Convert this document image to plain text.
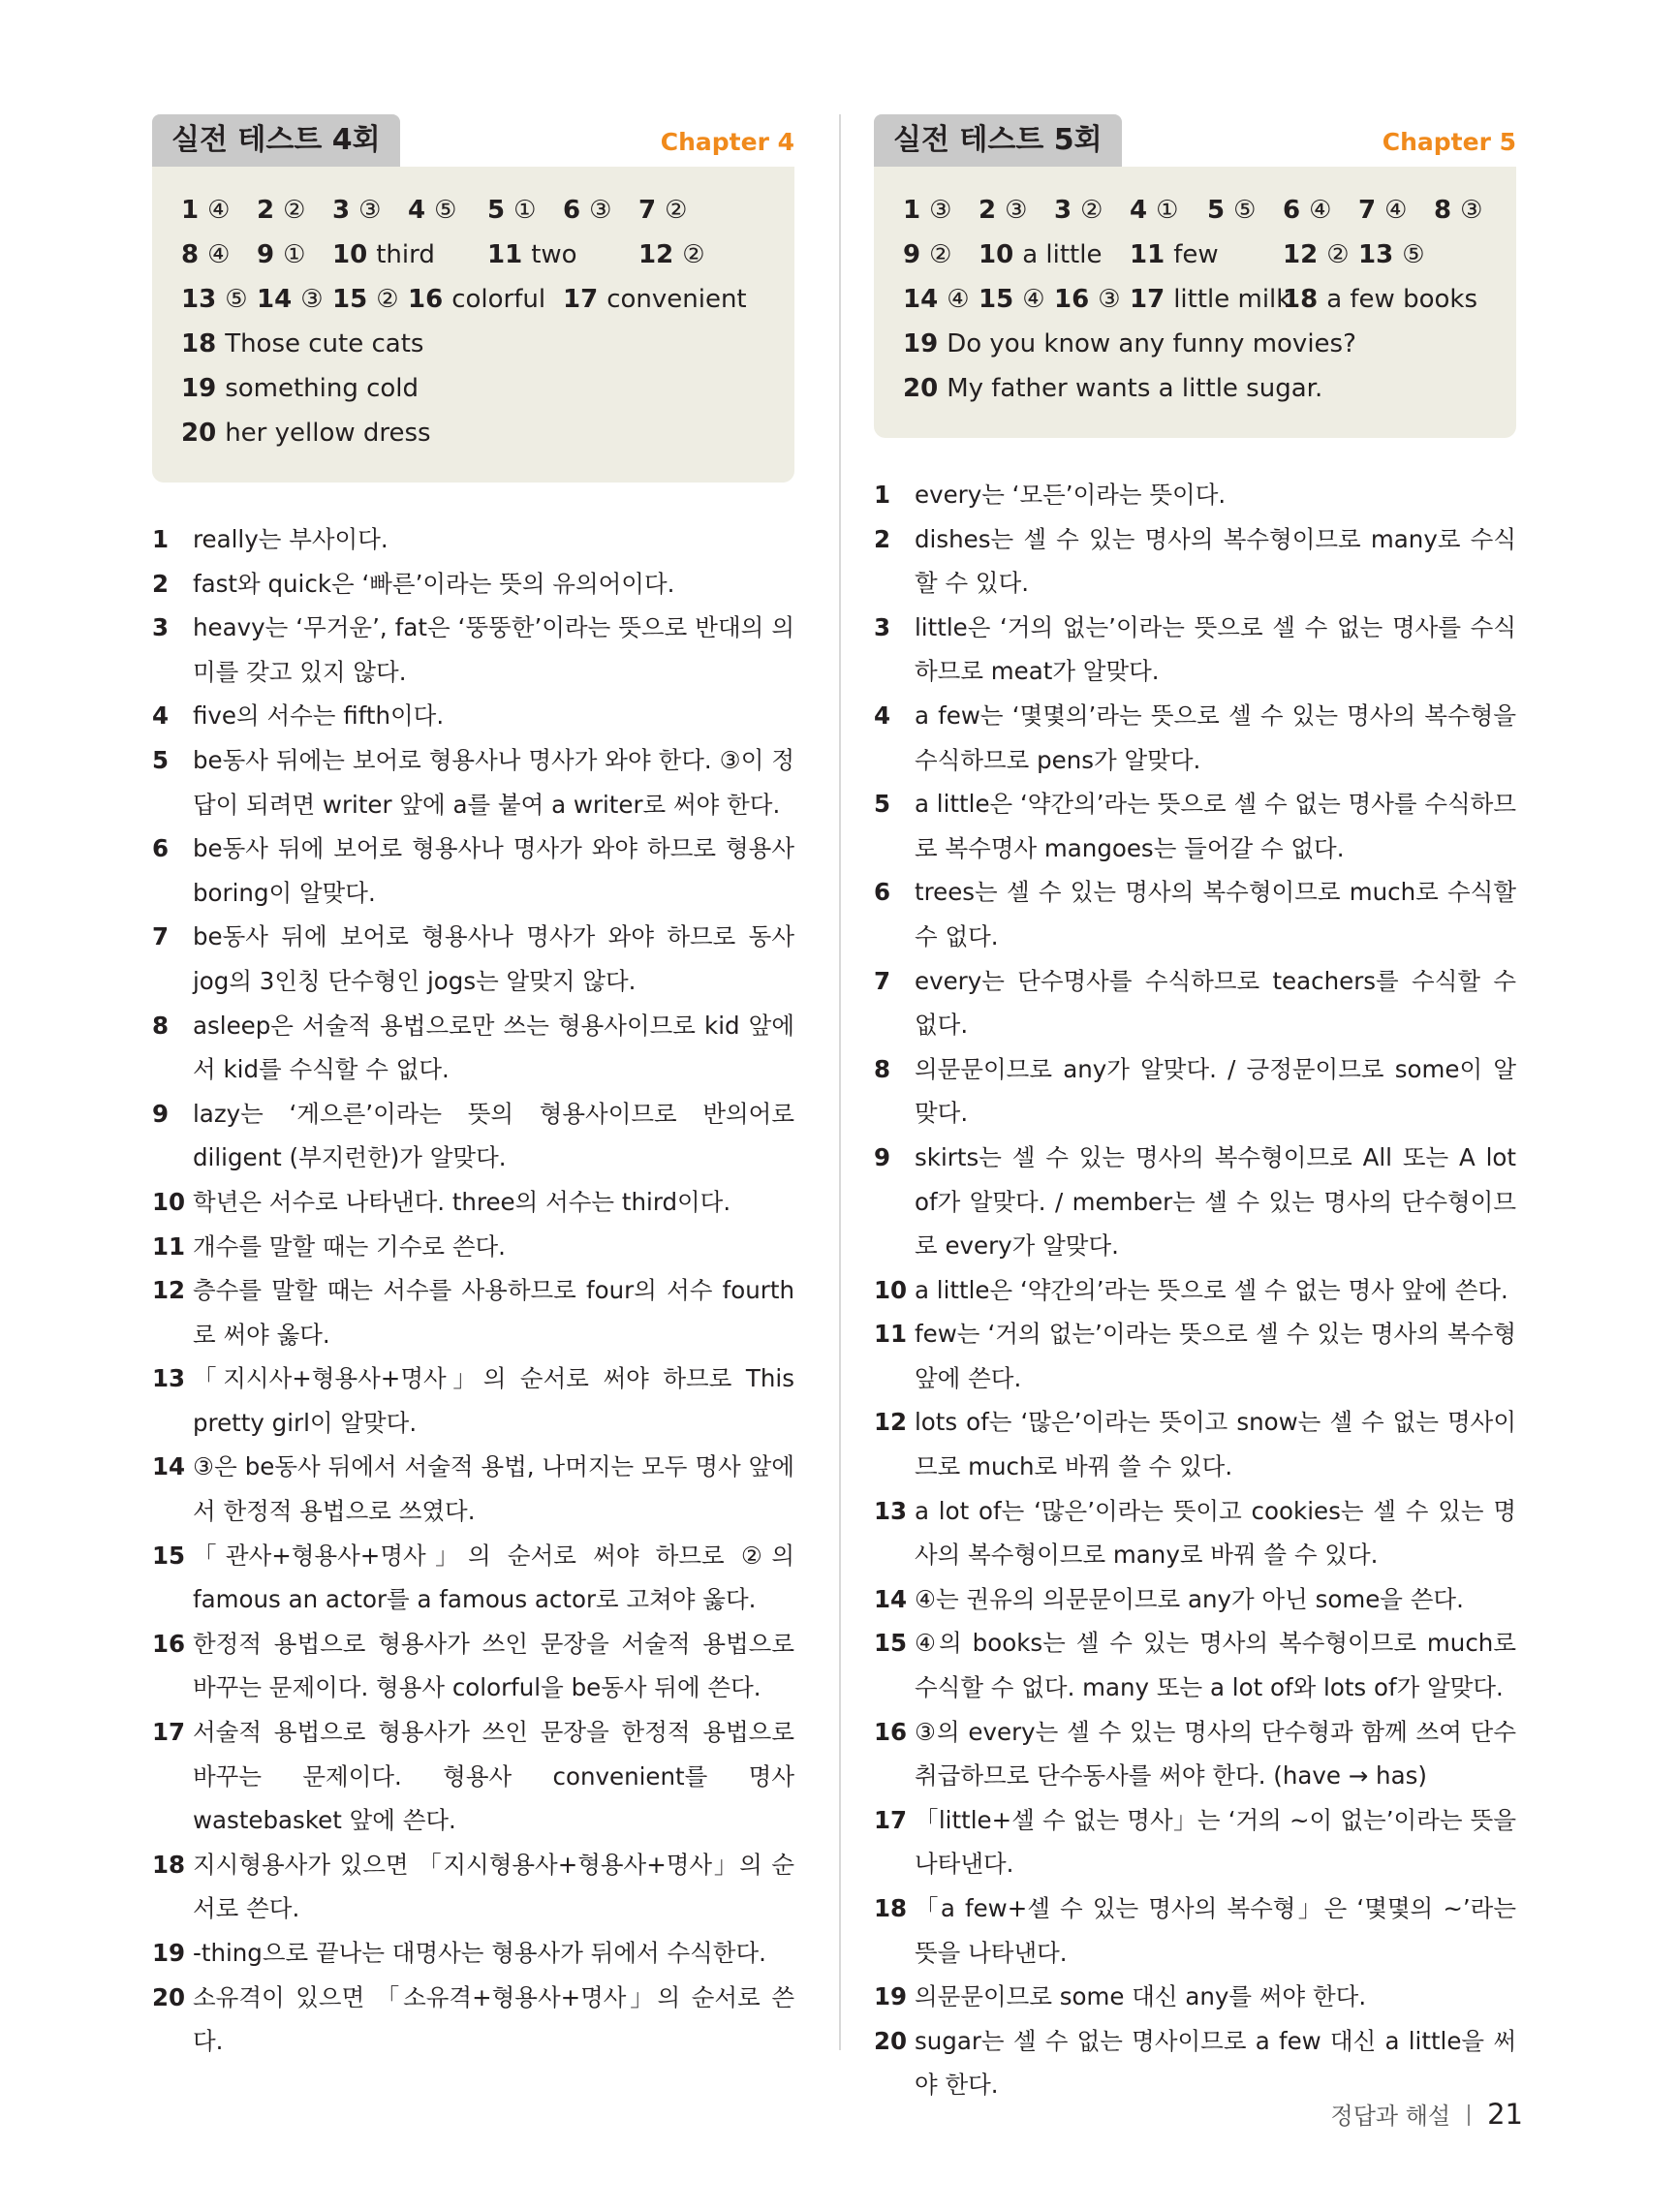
실전 테스트 4회	Chapter 4
1 ④ 2 ② 3 ③ 4 ⑤ 5 ① 6 ③ 7 ②
8 ④ 9 ① 10 third 11 two 12 ②
13 ⑤ 14 ③ 15 ② 16 colorful 17 convenient
18 Those cute cats
19 something cold
20 her yellow dress
1	really는 부사이다.
2	fast와 quick은 ‘빠른’이라는 뜻의 유의어이다.
3	heavy는 ‘무거운’, fat은 ‘뚱뚱한’이라는 뜻으로 반대의 의미를 갖고 있지 않다.
4	five의 서수는 fifth이다.
5	be동사 뒤에는 보어로 형용사나 명사가 와야 한다. ③이 정답이 되려면 writer 앞에 a를 붙여 a writer로 써야 한다.
6	be동사 뒤에 보어로 형용사나 명사가 와야 하므로 형용사 boring이 알맞다.
7	be동사 뒤에 보어로 형용사나 명사가 와야 하므로 동사 jog의 3인칭 단수형인 jogs는 알맞지 않다.
8	asleep은 서술적 용법으로만 쓰는 형용사이므로 kid 앞에서 kid를 수식할 수 없다.
9	lazy는 ‘게으른’이라는 뜻의 형용사이므로 반의어로 diligent (부지런한)가 알맞다.
10 학년은 서수로 나타낸다. three의 서수는 third이다.
11 개수를 말할 때는 기수로 쓴다.
12 층수를 말할 때는 서수를 사용하므로 four의 서수 fourth로 써야 옳다.
13 「지시사+형용사+명사」의 순서로 써야 하므로 This pretty girl이 알맞다.
14 ③은 be동사 뒤에서 서술적 용법, 나머지는 모두 명사 앞에서 한정적 용법으로 쓰였다.
15 「관사+형용사+명사」의 순서로 써야 하므로 ②의 famous an actor를 a famous actor로 고쳐야 옳다.
16 한정적 용법으로 형용사가 쓰인 문장을 서술적 용법으로 바꾸는 문제이다. 형용사 colorful을 be동사 뒤에 쓴다.
17 서술적 용법으로 형용사가 쓰인 문장을 한정적 용법으로 바꾸는 문제이다. 형용사 convenient를 명사 wastebasket 앞에 쓴다.
18 지시형용사가 있으면 「지시형용사+형용사+명사」의 순서로 쓴다.
19 -thing으로 끝나는 대명사는 형용사가 뒤에서 수식한다.
20 소유격이 있으면 「소유격+형용사+명사」의 순서로 쓴다.
실전 테스트 5회	Chapter 5
1 ③ 2 ③ 3 ② 4 ① 5 ⑤ 6 ④ 7 ④ 8 ③
9 ② 10 a little 11 few	12 ② 13 ⑤
14 ④ 15 ④ 16 ③ 17 little milk
18 a few books
19 Do you know any funny movies?
20 My father wants a little sugar.
1	every는 ‘모든’이라는 뜻이다.
2	dishes는 셀 수 있는 명사의 복수형이므로 many로 수식할 수 있다.
3	little은 ‘거의 없는’이라는 뜻으로 셀 수 없는 명사를 수식하므로 meat가 알맞다.
4	a few는 ‘몇몇의’라는 뜻으로 셀 수 있는 명사의 복수형을 수식하므로 pens가 알맞다.
5	a little은 ‘약간의’라는 뜻으로 셀 수 없는 명사를 수식하므로 복수명사 mangoes는 들어갈 수 없다.
6	trees는 셀 수 있는 명사의 복수형이므로 much로 수식할 수 없다.
7	every는 단수명사를 수식하므로 teachers를 수식할 수 없다.
8	의문문이므로 any가 알맞다. / 긍정문이므로 some이 알맞다.
9	skirts는 셀 수 있는 명사의 복수형이므로 All 또는 A lot of가 알맞다. / member는 셀 수 있는 명사의 단수형이므로 every가 알맞다.
10 a little은 ‘약간의’라는 뜻으로 셀 수 없는 명사 앞에 쓴다.
11 few는 ‘거의 없는’이라는 뜻으로 셀 수 있는 명사의 복수형 앞에 쓴다.
12 lots of는 ‘많은’이라는 뜻이고 snow는 셀 수 없는 명사이므로 much로 바꿔 쓸 수 있다.
13 a lot of는 ‘많은’이라는 뜻이고 cookies는 셀 수 있는 명사의 복수형이므로 many로 바꿔 쓸 수 있다.
14 ④는 권유의 의문문이므로 any가 아닌 some을 쓴다.
15 ④의 books는 셀 수 있는 명사의 복수형이므로 much로 수식할 수 없다. many 또는 a lot of와 lots of가 알맞다.
16 ③의 every는 셀 수 있는 명사의 단수형과 함께 쓰여 단수 취급하므로 단수동사를 써야 한다. (have → has)
17 「little+셀 수 없는 명사」는 ‘거의 ~이 없는’이라는 뜻을 나타낸다.
18 「a few+셀 수 있는 명사의 복수형」은 ‘몇몇의 ~’라는 뜻을 나타낸다.
19 의문문이므로 some 대신 any를 써야 한다.
20 sugar는 셀 수 없는 명사이므로 a few 대신 a little을 써야 한다.
정답과 해설 21
